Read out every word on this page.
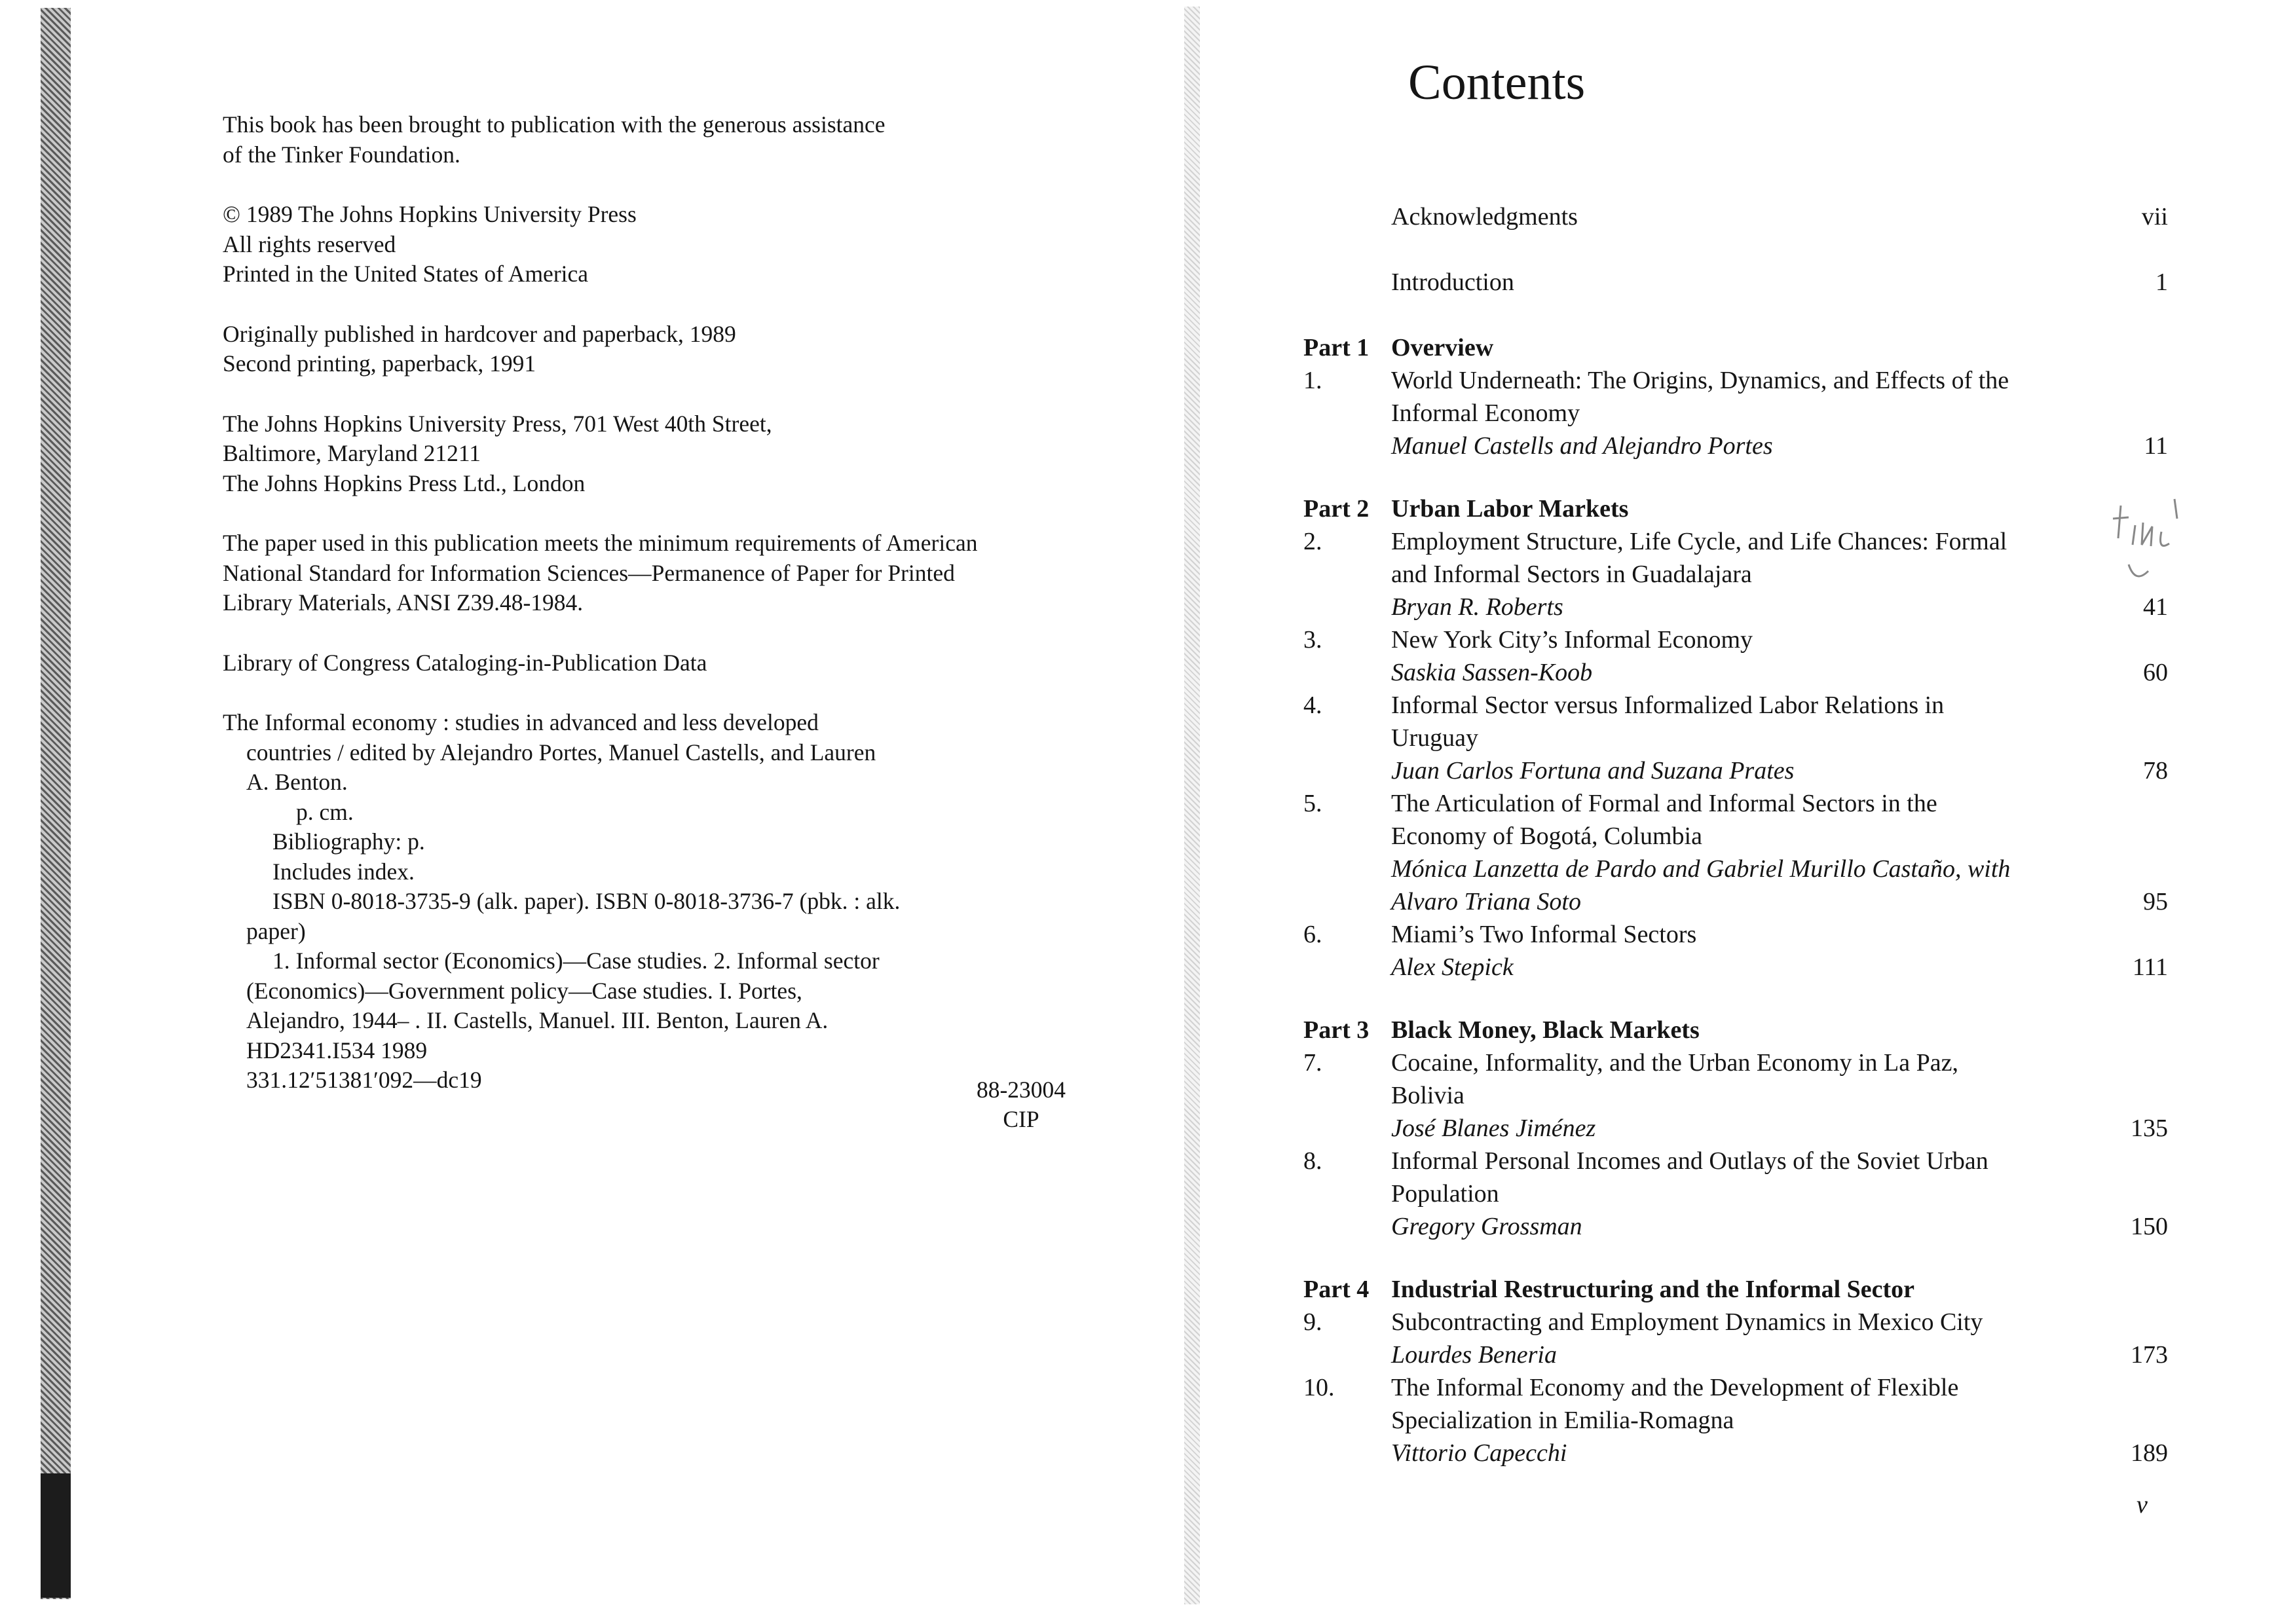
This book has been brought to publication with the generous assistance

of the Tinker Foundation.

© 1989 The Johns Hopkins University Press

All rights reserved

Printed in the United States of America

Originally published in hardcover and paperback, 1989

Second printing, paperback, 1991

The Johns Hopkins University Press, 701 West 40th Street,

Baltimore, Maryland 21211

The Johns Hopkins Press Ltd., London

The paper used in this publication meets the minimum requirements of American

National Standard for Information Sciences—Permanence of Paper for Printed

Library Materials, ANSI Z39.48-1984.

Library of Congress Cataloging-in-Publication Data

The Informal economy : studies in advanced and less developed

countries / edited by Alejandro Portes, Manuel Castells, and Lauren

A. Benton.

p. cm.

Bibliography: p.

Includes index.

ISBN 0-8018-3735-9 (alk. paper). ISBN 0-8018-3736-7 (pbk. : alk.

paper)

1. Informal sector (Economics)—Case studies. 2. Informal sector

(Economics)—Government policy—Case studies. I. Portes,

Alejandro, 1944– . II. Castells, Manuel. III. Benton, Lauren A.

HD2341.I534 1989

331.12′51381′092—dc19	88-23004
CIP
Contents
Acknowledgments	vii
Introduction	1
Part 1 Overview
1.	World Underneath: The Origins, Dynamics, and Effects of the
Informal Economy
Manuel Castells and Alejandro Portes	11
Part 2 Urban Labor Markets
2.	Employment Structure, Life Cycle, and Life Chances: Formal
and Informal Sectors in Guadalajara
Bryan R. Roberts	41
3.	New York City’s Informal Economy
Saskia Sassen-Koob	60
4.	Informal Sector versus Informalized Labor Relations in
Uruguay
Juan Carlos Fortuna and Suzana Prates	78
5.	The Articulation of Formal and Informal Sectors in the
Economy of Bogotá, Columbia
Mónica Lanzetta de Pardo and Gabriel Murillo Castaño, with
Alvaro Triana Soto	95
6.	Miami’s Two Informal Sectors
Alex Stepick	111
Part 3 Black Money, Black Markets
7.	Cocaine, Informality, and the Urban Economy in La Paz,
Bolivia
José Blanes Jiménez	135
8.	Informal Personal Incomes and Outlays of the Soviet Urban
Population
Gregory Grossman	150
Part 4 Industrial Restructuring and the Informal Sector
9.	Subcontracting and Employment Dynamics in Mexico City
Lourdes Beneria	173
10.	The Informal Economy and the Development of Flexible
Specialization in Emilia-Romagna
Vittorio Capecchi	189
v
